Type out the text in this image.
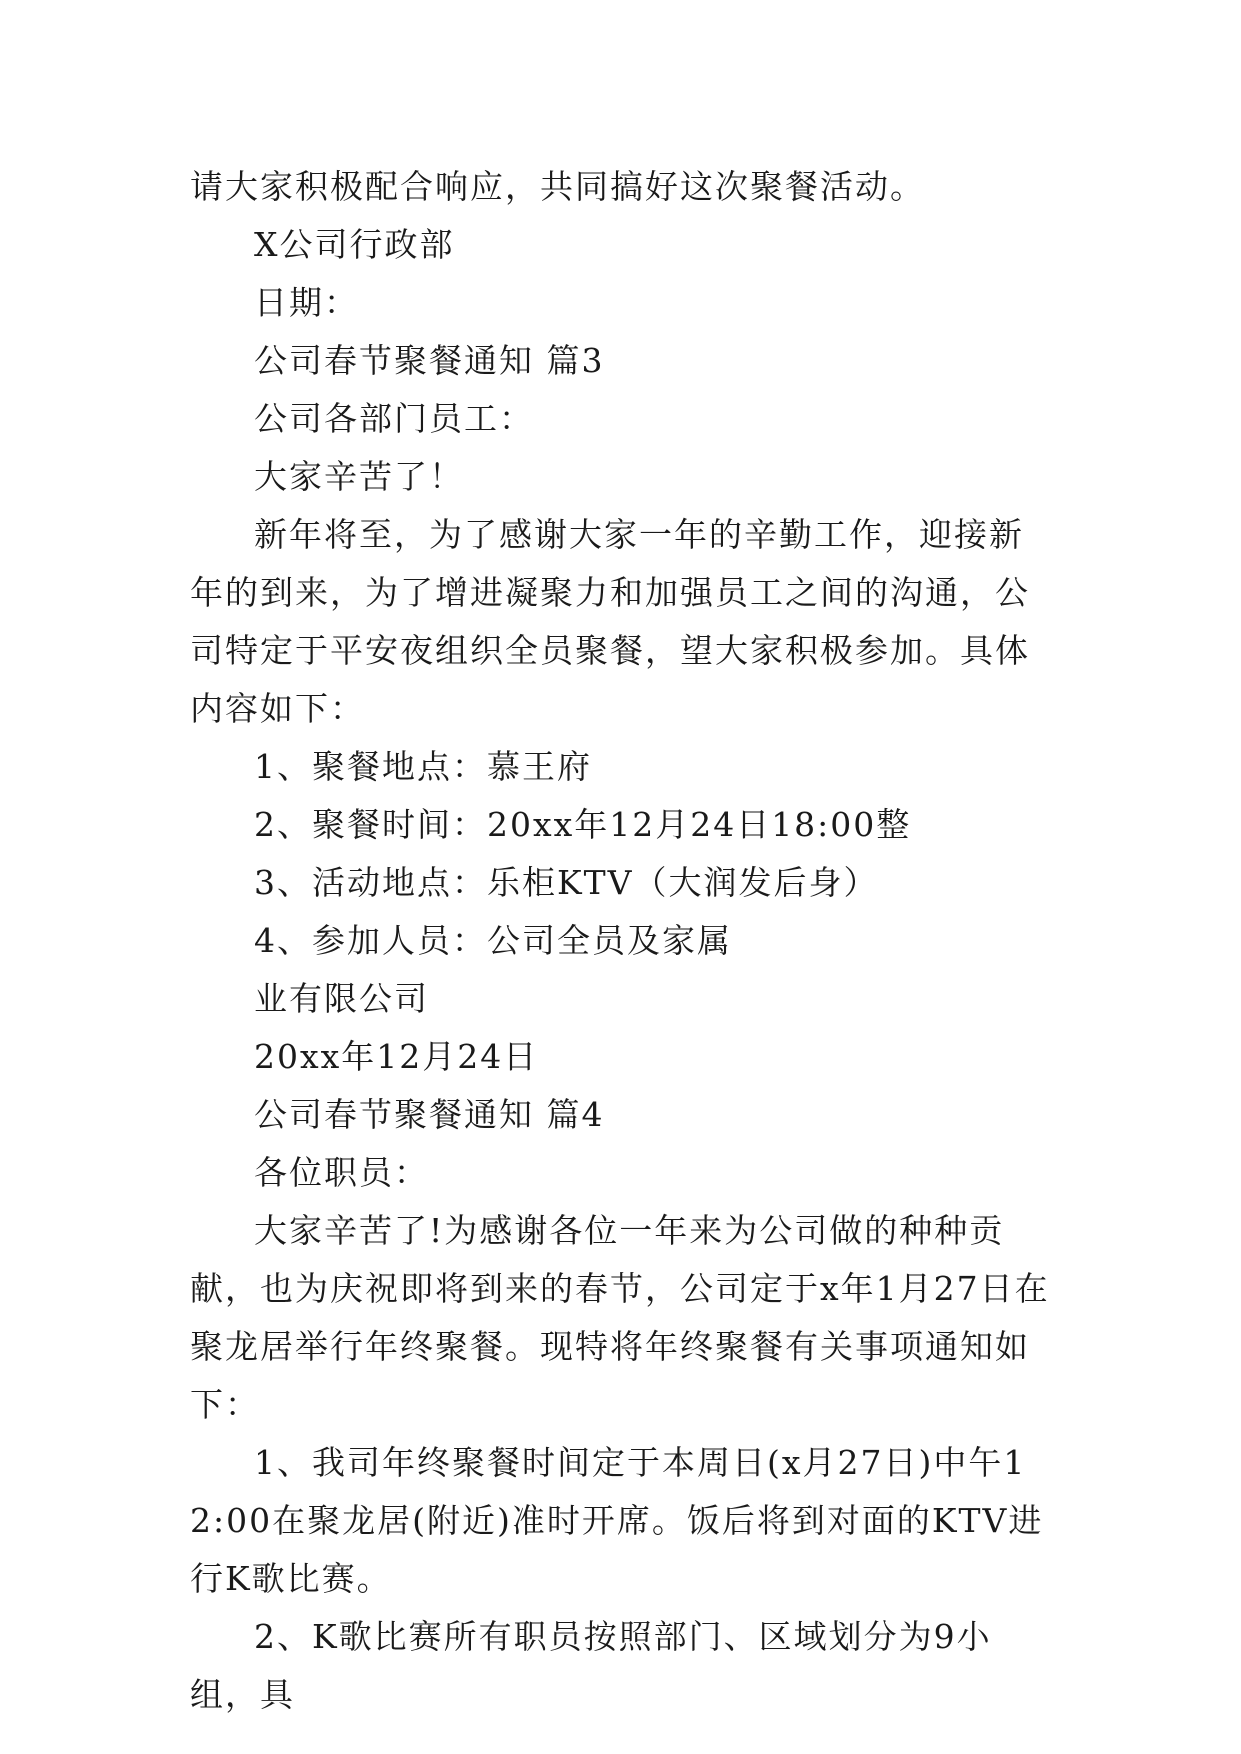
请大家积极配合响应，共同搞好这次聚餐活动。

X公司行政部

日期：

公司春节聚餐通知 篇3

公司各部门员工：

大家辛苦了！

新年将至，为了感谢大家一年的辛勤工作，迎接新年的到来，为了增进凝聚力和加强员工之间的沟通，公司特定于平安夜组织全员聚餐，望大家积极参加。具体内容如下：

1、聚餐地点：慕王府

2、聚餐时间：20xx年12月24日18:00整

3、活动地点：乐柜KTV（大润发后身）

4、参加人员：公司全员及家属

业有限公司

20xx年12月24日

公司春节聚餐通知 篇4

各位职员：

大家辛苦了!为感谢各位一年来为公司做的种种贡献，也为庆祝即将到来的春节，公司定于x年1月27日在聚龙居举行年终聚餐。现特将年终聚餐有关事项通知如下：

1、我司年终聚餐时间定于本周日(x月27日)中午12:00在聚龙居(附近)准时开席。饭后将到对面的KTV进行K歌比赛。

2、K歌比赛所有职员按照部门、区域划分为9小组，具
